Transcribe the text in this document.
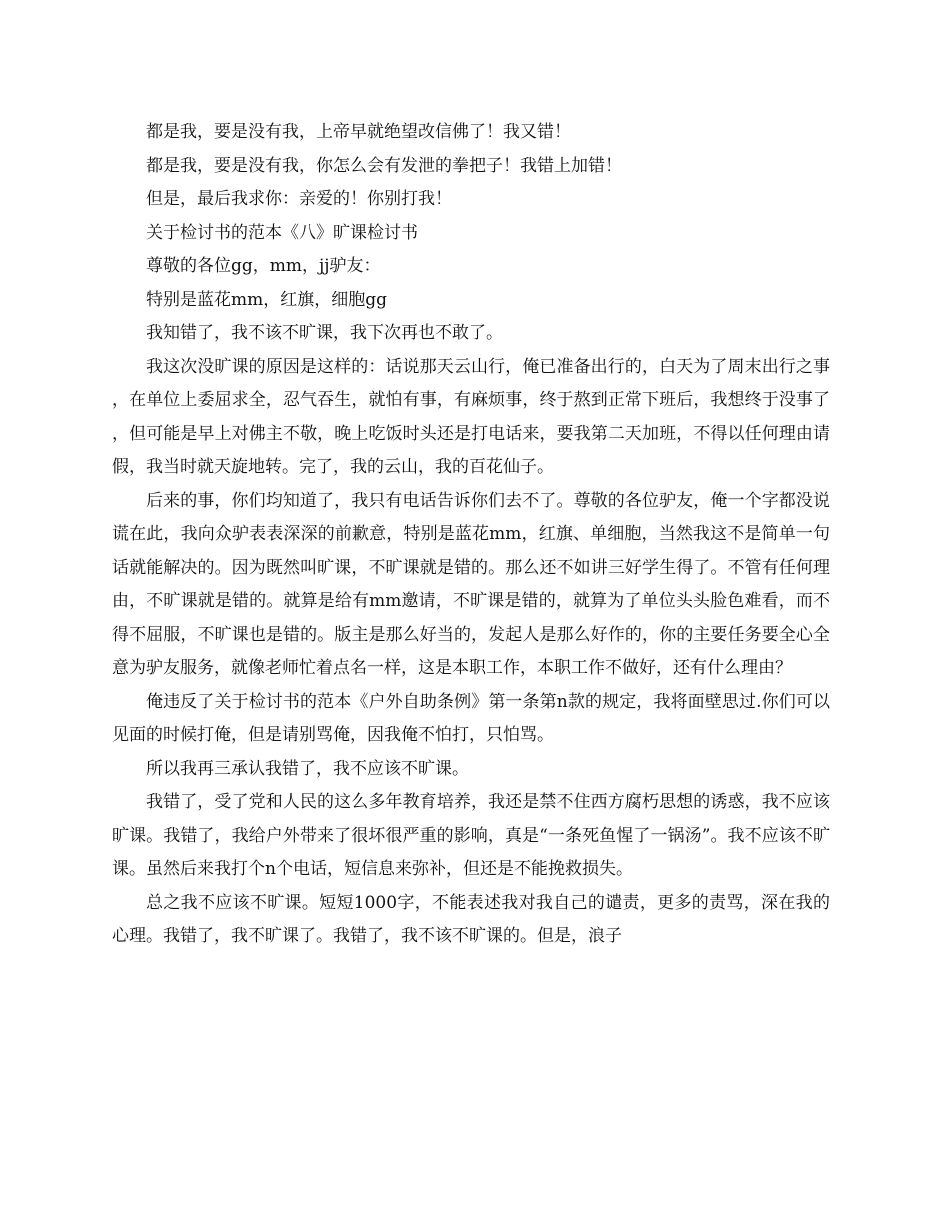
都是我，要是没有我，上帝早就绝望改信佛了！我又错！

都是我，要是没有我，你怎么会有发泄的拳把子！我错上加错！

但是，最后我求你：亲爱的！你别打我！

关于检讨书的范本《八》旷课检讨书

尊敬的各位gg，mm，jj驴友：

特别是蓝花mm，红旗，细胞gg

我知错了，我不该不旷课，我下次再也不敢了。

我这次没旷课的原因是这样的：话说那天云山行，俺已准备出行的，白天为了周末出行之事，在单位上委屈求全，忍气吞生，就怕有事，有麻烦事，终于熬到正常下班后，我想终于没事了，但可能是早上对佛主不敬，晚上吃饭时头还是打电话来，要我第二天加班，不得以任何理由请假，我当时就天旋地转。完了，我的云山，我的百花仙子。

后来的事，你们均知道了，我只有电话告诉你们去不了。尊敬的各位驴友，俺一个字都没说谎在此，我向众驴表表深深的前歉意，特别是蓝花mm，红旗、单细胞，当然我这不是简单一句话就能解决的。因为既然叫旷课，不旷课就是错的。那么还不如讲三好学生得了。不管有任何理由，不旷课就是错的。就算是给有mm邀请，不旷课是错的，就算为了单位头头脸色难看，而不得不屈服，不旷课也是错的。版主是那么好当的，发起人是那么好作的，你的主要任务要全心全意为驴友服务，就像老师忙着点名一样，这是本职工作，本职工作不做好，还有什么理由？

俺违反了关于检讨书的范本《户外自助条例》第一条第n款的规定，我将面壁思过.你们可以见面的时候打俺，但是请别骂俺，因我俺不怕打，只怕骂。

所以我再三承认我错了，我不应该不旷课。

我错了，受了党和人民的这么多年教育培养，我还是禁不住西方腐朽思想的诱惑，我不应该旷课。我错了，我给户外带来了很坏很严重的影响，真是“一条死鱼惺了一锅汤”。我不应该不旷课。虽然后来我打个n个电话，短信息来弥补，但还是不能挽救损失。

总之我不应该不旷课。短短1000字，不能表述我对我自己的谴责，更多的责骂，深在我的心理。我错了，我不旷课了。我错了，我不该不旷课的。但是，浪子
